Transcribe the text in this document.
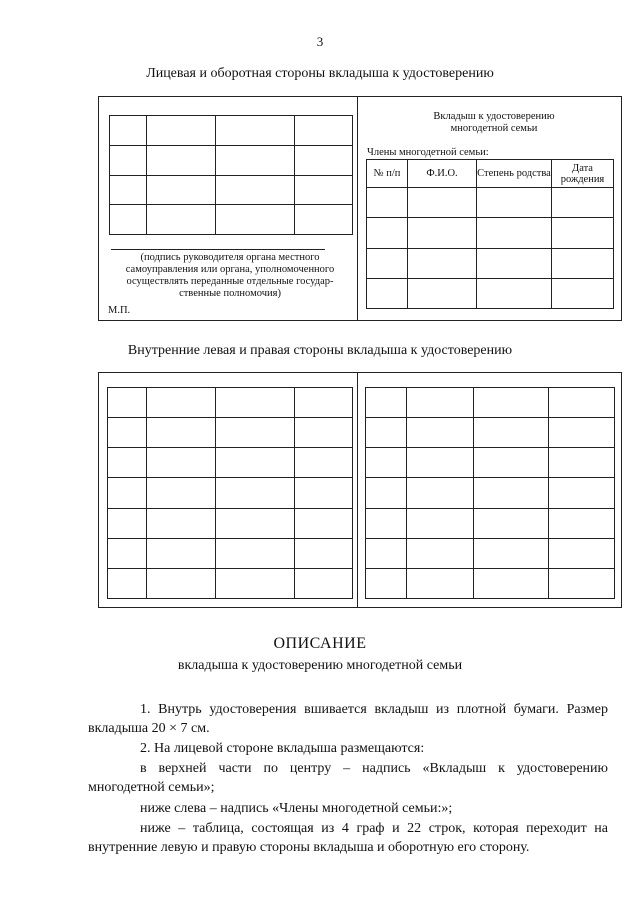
3
Лицевая и оборотная стороны вкладыша к удостоверению

(подпись руководителя органа местного самоуправления или органа, уполномоченного осуществлять переданные отдельные государ-ственные полномочия)
М.П.
Вкладыш к удостоверению многодетной семьи
Члены многодетной семьи:
№ п/п	Ф.И.О.	Степень родства	Дата рождения

Внутренние левая и правая стороны вкладыша к удостоверению

ОПИСАНИЕ
вкладыша к удостоверению многодетной семьи
1. Внутрь удостоверения вшивается вкладыш из плотной бумаги. Размер вкладыша 20 × 7 см.
2. На лицевой стороне вкладыша размещаются:
в верхней части по центру – надпись «Вкладыш к удостоверению многодетной семьи»;
ниже слева – надпись «Члены многодетной семьи:»;
ниже – таблица, состоящая из 4 граф и 22 строк, которая переходит на внутренние левую и правую стороны вкладыша и оборотную его сторону.
